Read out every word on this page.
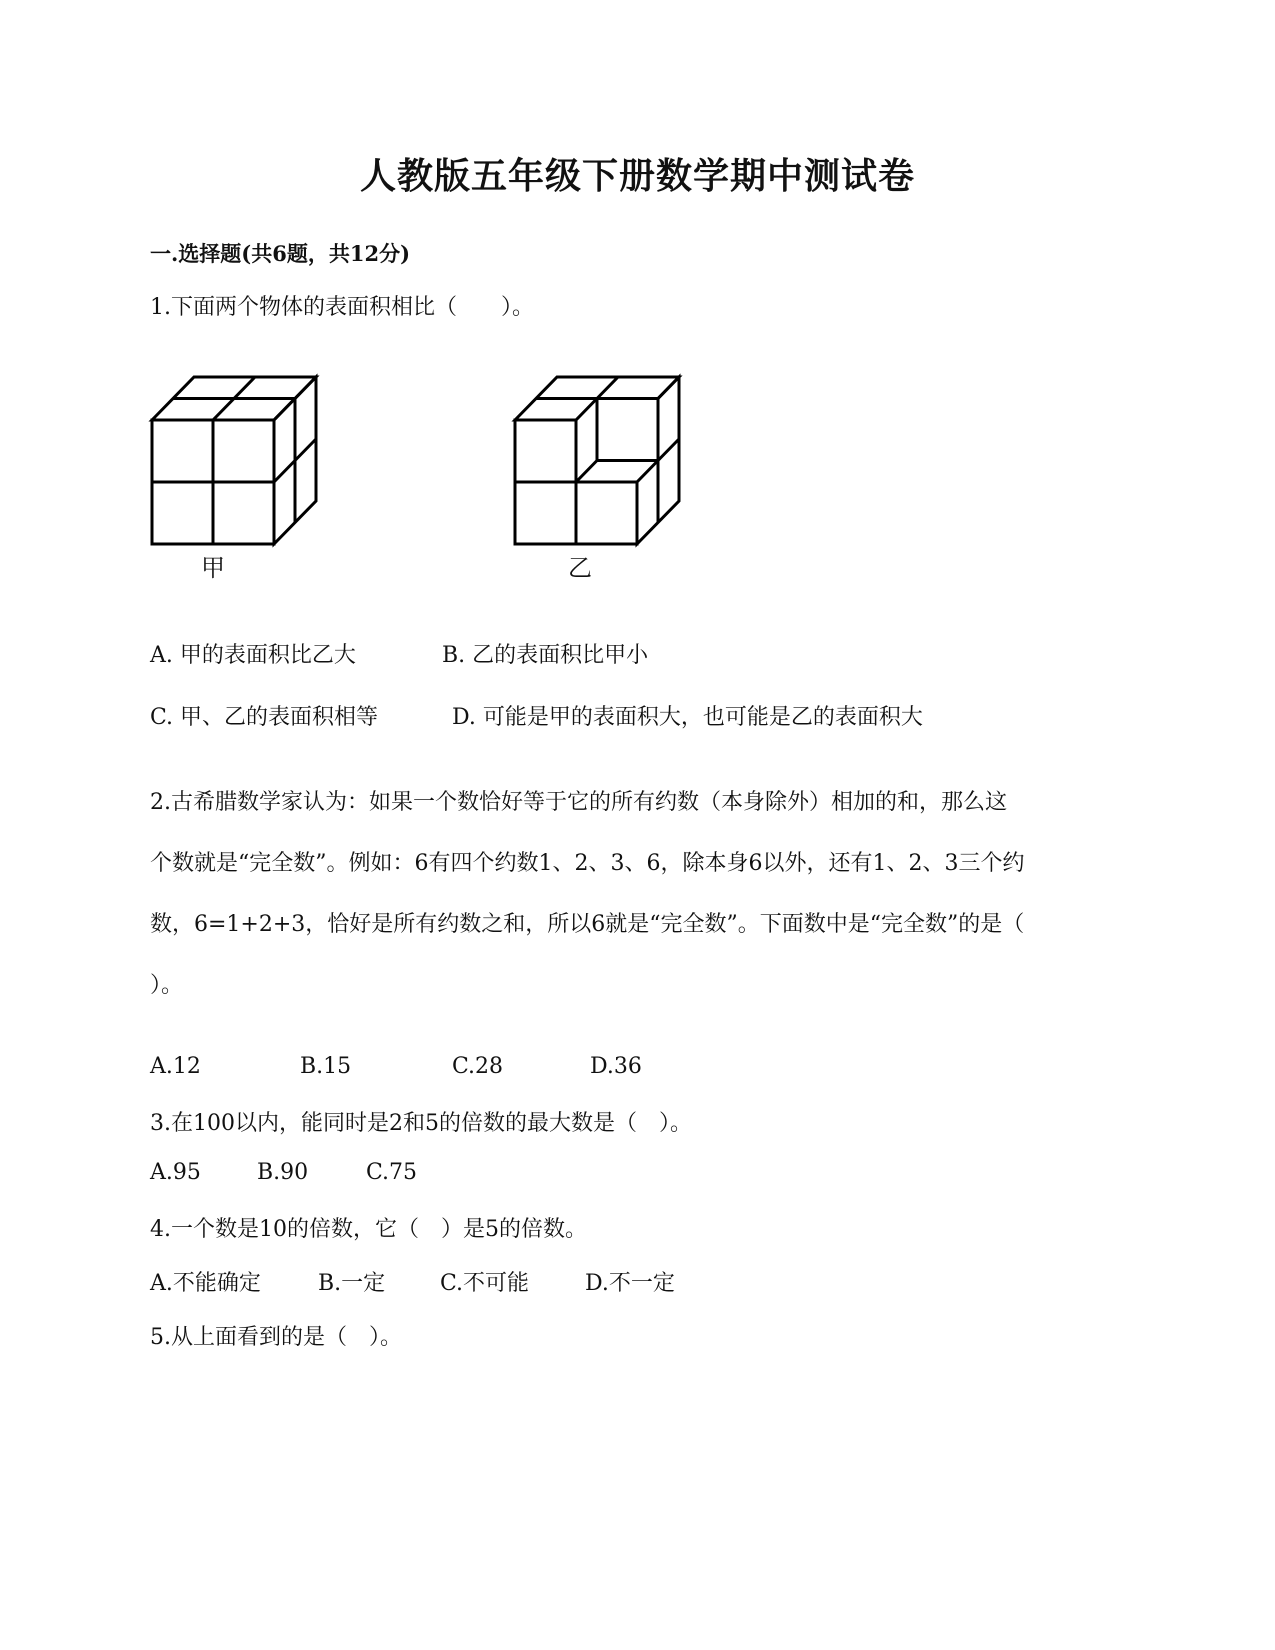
人教版五年级下册数学期中测试卷
一.选择题(共6题，共12分)
1.下面两个物体的表面积相比（　　）。
甲	乙
A. 甲的表面积比乙大	B. 乙的表面积比甲小
C. 甲、乙的表面积相等	D. 可能是甲的表面积大，也可能是乙的表面积大
2.古希腊数学家认为：如果一个数恰好等于它的所有约数（本身除外）相加的和，那么这
个数就是“完全数”。例如：6有四个约数1、2、3、6，除本身6以外，还有1、2、3三个约
数，6=1+2+3，恰好是所有约数之和，所以6就是“完全数”。下面数中是“完全数”的是（
）。
A.12	B.15	C.28	D.36
3.在100以内，能同时是2和5的倍数的最大数是（　）。
A.95	B.90	C.75
4.一个数是10的倍数，它（　）是5的倍数。
A.不能确定	B.一定 C.不可能	D.不一定
5.从上面看到的是（　）。
